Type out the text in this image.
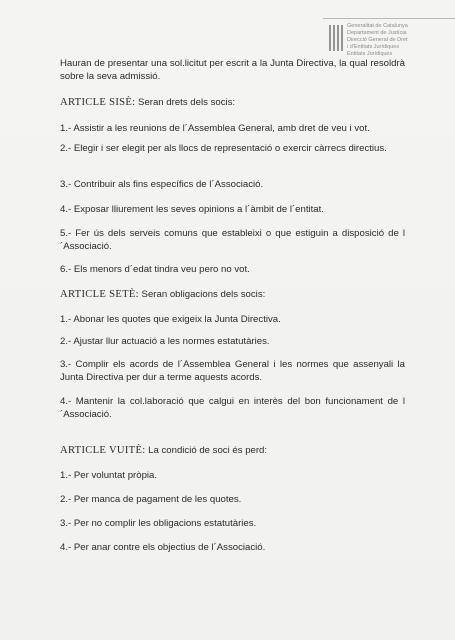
Generalitat de Catalunya
Departament de Justícia
Direcció General de Dret
i d'Entitats Jurídiques
Entitats Jurídiques
Hauran de presentar una sol.licitut per escrit a la Junta Directiva, la qual resoldrà sobre la seva admissió.
ARTICLE SISÈ: Seran drets dels socis:
1.- Assistir a les reunions de l´Assemblea General, amb dret de veu i vot.
2.- Elegir i ser elegit per als llocs de representació o exercir càrrecs directius.
3.- Contribuir als fins específics de l´Associació.
4.- Exposar lliurement les seves opinions a l´àmbit de l´entitat.
5.- Fer ús dels serveis comuns que estableixi o que estiguin a disposició de l´Associació.
6.- Els menors d´edat tindra veu pero no vot.
ARTICLE SETÈ: Seran obligacions dels socis:
1.- Abonar les quotes que exigeix la Junta Directiva.
2.- Ajustar llur actuació a les normes estatutàries.
3.- Complir els acords de l´Assemblea General i les normes que assenyali la Junta Directiva per dur a terme aquests acords.
4.- Mantenir la col.laboració que calgui en interès del bon funcionament de l´Associació.
ARTICLE VUITÈ: La condició de soci és perd:
1.- Per voluntat pròpia.
2.- Per manca de pagament de les quotes.
3.- Per no complir les obligacions estatutàries.
4.- Per anar contre els objectius de l´Associació.
